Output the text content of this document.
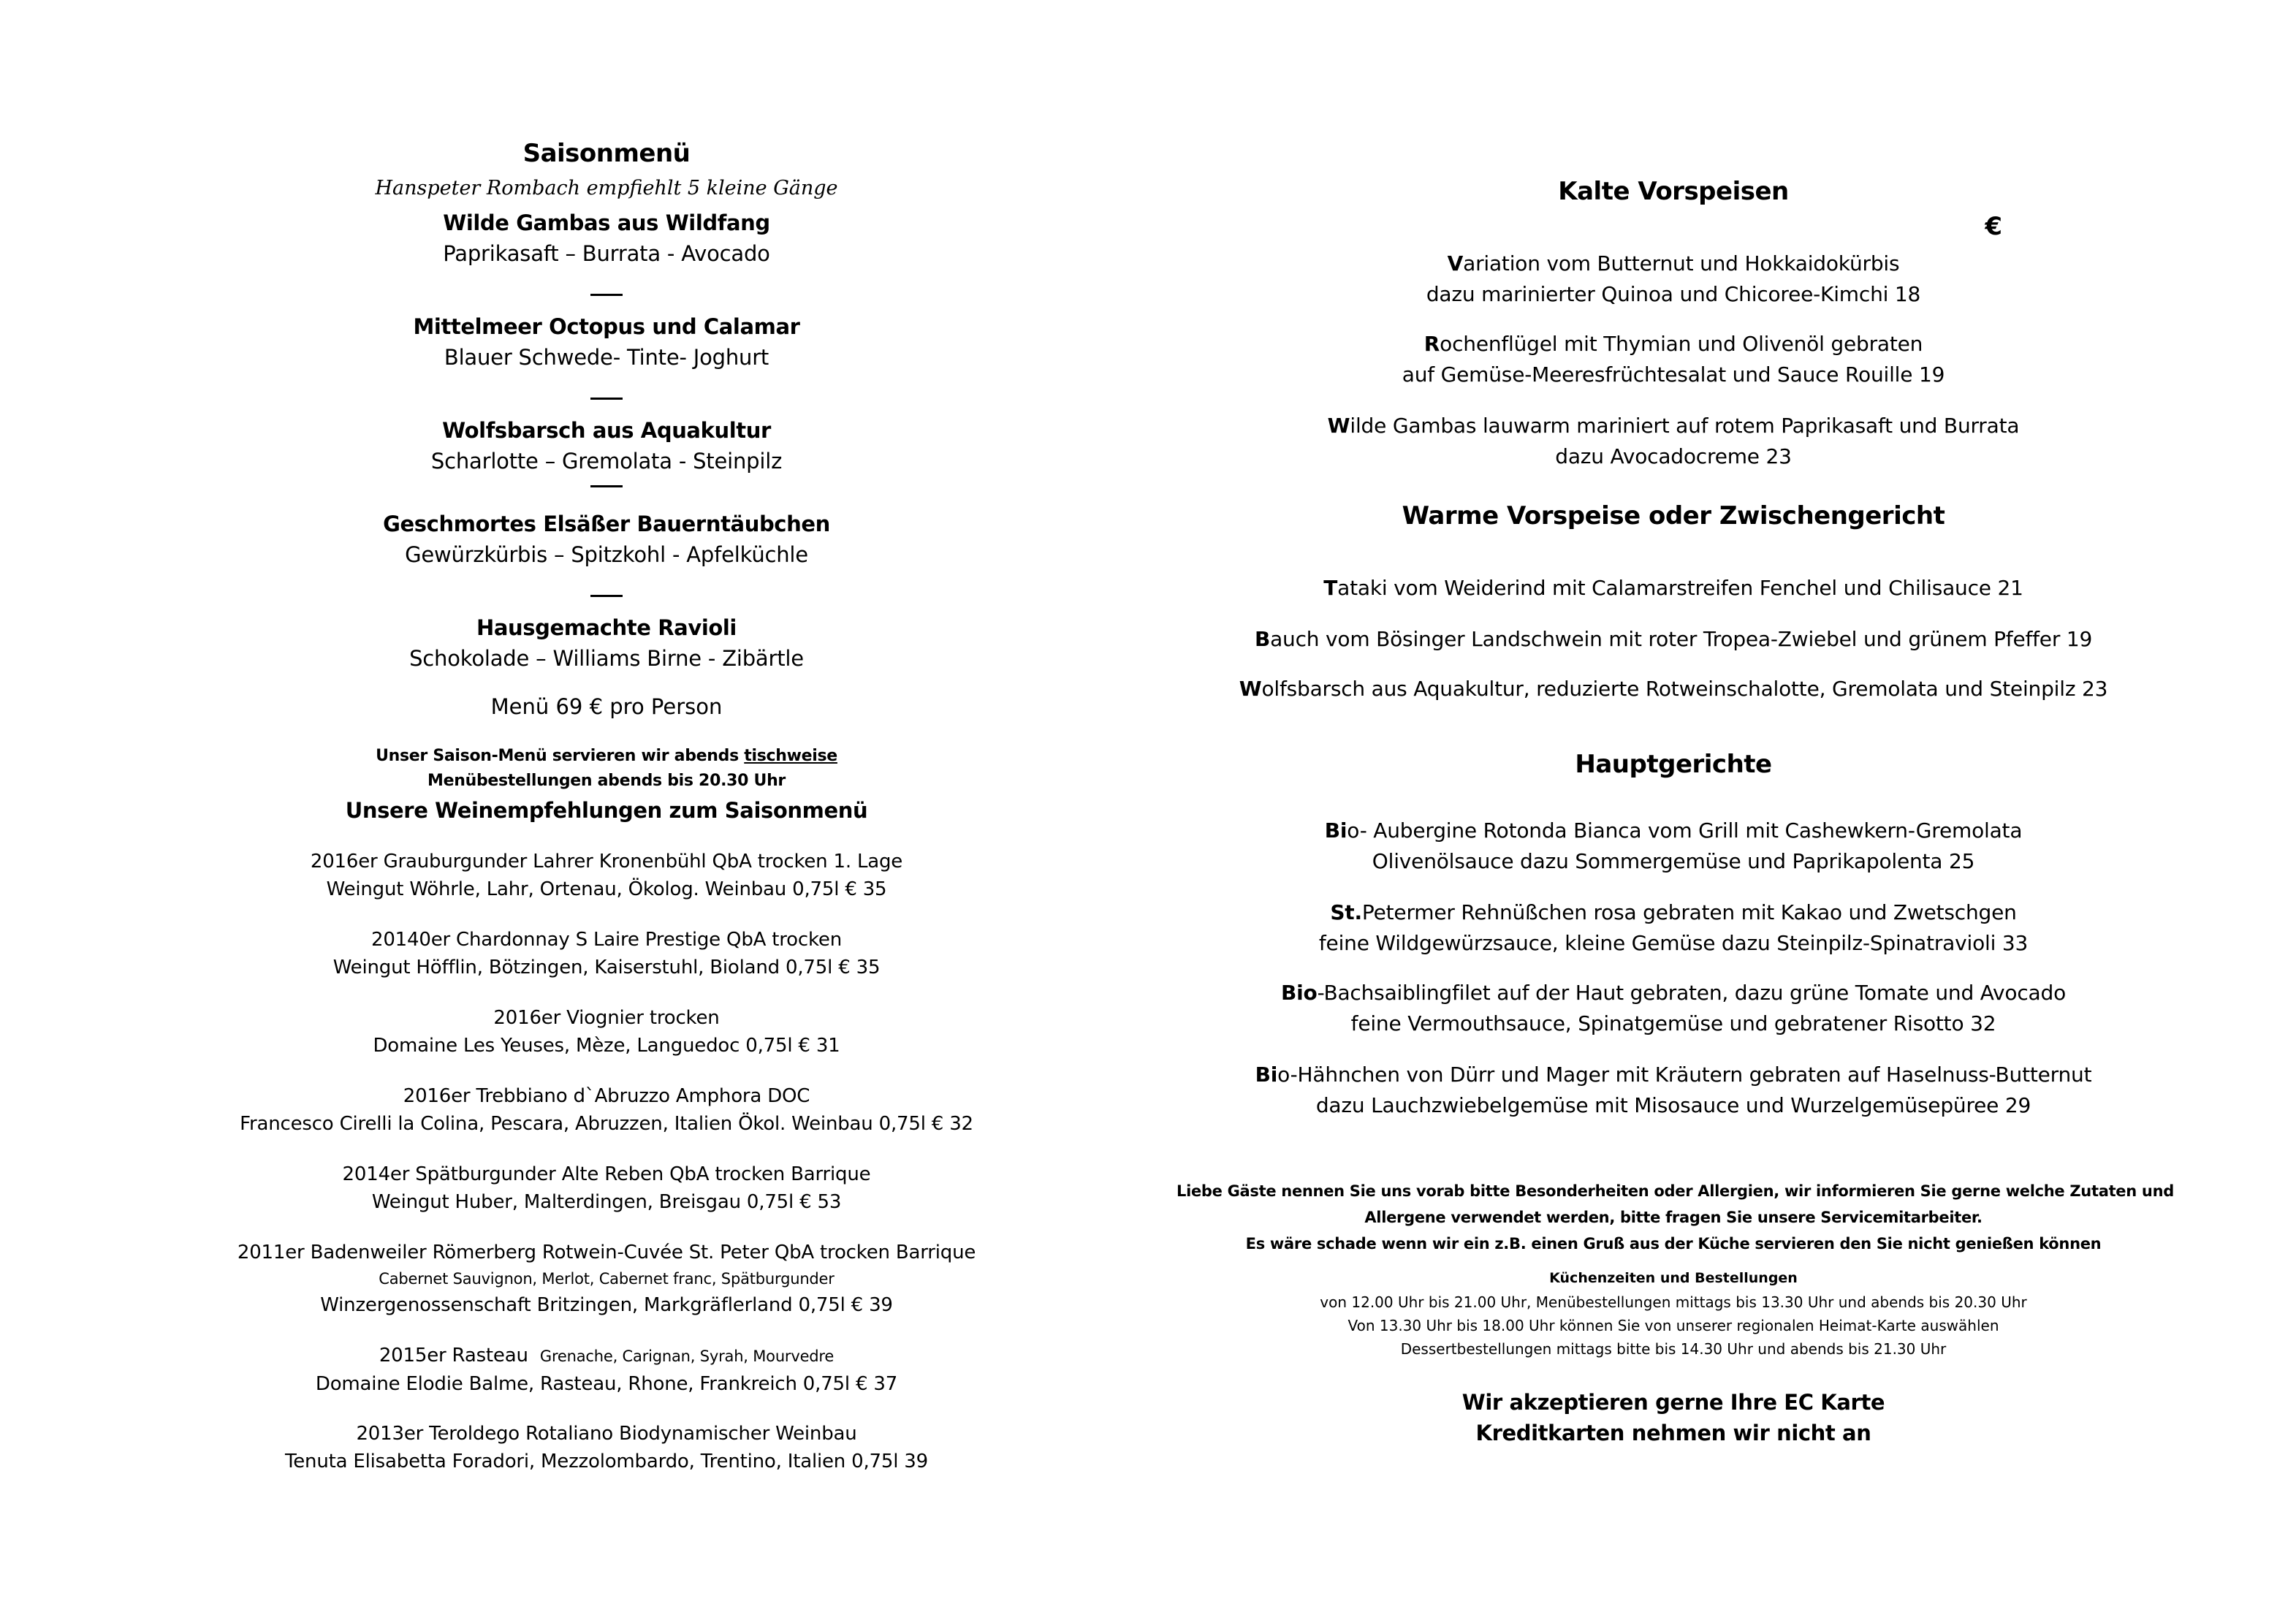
Saisonmenü
Hanspeter Rombach empfiehlt 5 kleine Gänge
Wilde Gambas aus Wildfang
Paprikasaft – Burrata - Avocado
Mittelmeer Octopus und Calamar
Blauer Schwede- Tinte- Joghurt
Wolfsbarsch aus Aquakultur
Scharlotte – Gremolata - Steinpilz
Geschmortes Elsäßer Bauerntäubchen
Gewürzkürbis – Spitzkohl - Apfelküchle
Hausgemachte Ravioli
Schokolade – Williams Birne - Zibärtle
Menü 69 € pro Person
Unser Saison-Menü servieren wir abends tischweise
Menübestellungen abends bis 20.30 Uhr
Unsere Weinempfehlungen zum Saisonmenü
2016er Grauburgunder Lahrer Kronenbühl QbA trocken 1. Lage
Weingut Wöhrle, Lahr, Ortenau, Ökolog. Weinbau 0,75l € 35
20140er Chardonnay S Laire Prestige QbA trocken
Weingut Höfflin, Bötzingen, Kaiserstuhl, Bioland 0,75l € 35
2016er Viognier trocken
Domaine Les Yeuses, Mèze, Languedoc 0,75l € 31
2016er Trebbiano d`Abruzzo Amphora DOC
Francesco Cirelli la Colina, Pescara, Abruzzen, Italien Ökol. Weinbau 0,75l € 32
2014er Spätburgunder Alte Reben QbA trocken Barrique
Weingut Huber, Malterdingen, Breisgau 0,75l € 53
2011er Badenweiler Römerberg Rotwein-Cuvée St. Peter QbA trocken Barrique
Cabernet Sauvignon, Merlot, Cabernet franc, Spätburgunder
Winzergenossenschaft Britzingen, Markgräflerland 0,75l € 39
2015er Rasteau Grenache, Carignan, Syrah, Mourvedre
Domaine Elodie Balme, Rasteau, Rhone, Frankreich 0,75l € 37
2013er Teroldego Rotaliano Biodynamischer Weinbau
Tenuta Elisabetta Foradori, Mezzolombardo, Trentino, Italien 0,75l 39
Kalte Vorspeisen
€
Variation vom Butternut und Hokkaidokürbis
dazu marinierter Quinoa und Chicoree-Kimchi 18
Rochenflügel mit Thymian und Olivenöl gebraten
auf Gemüse-Meeresfrüchtesalat und Sauce Rouille 19
Wilde Gambas lauwarm mariniert auf rotem Paprikasaft und Burrata
dazu Avocadocreme 23
Warme Vorspeise oder Zwischengericht
Tataki vom Weiderind mit Calamarstreifen Fenchel und Chilisauce 21
Bauch vom Bösinger Landschwein mit roter Tropea-Zwiebel und grünem Pfeffer 19
Wolfsbarsch aus Aquakultur, reduzierte Rotweinschalotte, Gremolata und Steinpilz 23
Hauptgerichte
Bio- Aubergine Rotonda Bianca vom Grill mit Cashewkern-Gremolata
Olivenölsauce dazu Sommergemüse und Paprikapolenta 25
St.Petermer Rehnüßchen rosa gebraten mit Kakao und Zwetschgen
feine Wildgewürzsauce, kleine Gemüse dazu Steinpilz-Spinatravioli 33
Bio-Bachsaiblingfilet auf der Haut gebraten, dazu grüne Tomate und Avocado
feine Vermouthsauce, Spinatgemüse und gebratener Risotto 32
Bio-Hähnchen von Dürr und Mager mit Kräutern gebraten auf Haselnuss-Butternut
dazu Lauchzwiebelgemüse mit Misosauce und Wurzelgemüsepüree 29
Liebe Gäste nennen Sie uns vorab bitte Besonderheiten oder Allergien, wir informieren Sie gerne welche Zutaten und
Allergene verwendet werden, bitte fragen Sie unsere Servicemitarbeiter.
Es wäre schade wenn wir ein z.B. einen Gruß aus der Küche servieren den Sie nicht genießen können
Küchenzeiten und Bestellungen
von 12.00 Uhr bis 21.00 Uhr, Menübestellungen mittags bis 13.30 Uhr und abends bis 20.30 Uhr
Von 13.30 Uhr bis 18.00 Uhr können Sie von unserer regionalen Heimat-Karte auswählen
Dessertbestellungen mittags bitte bis 14.30 Uhr und abends bis 21.30 Uhr
Wir akzeptieren gerne Ihre EC Karte
Kreditkarten nehmen wir nicht an
